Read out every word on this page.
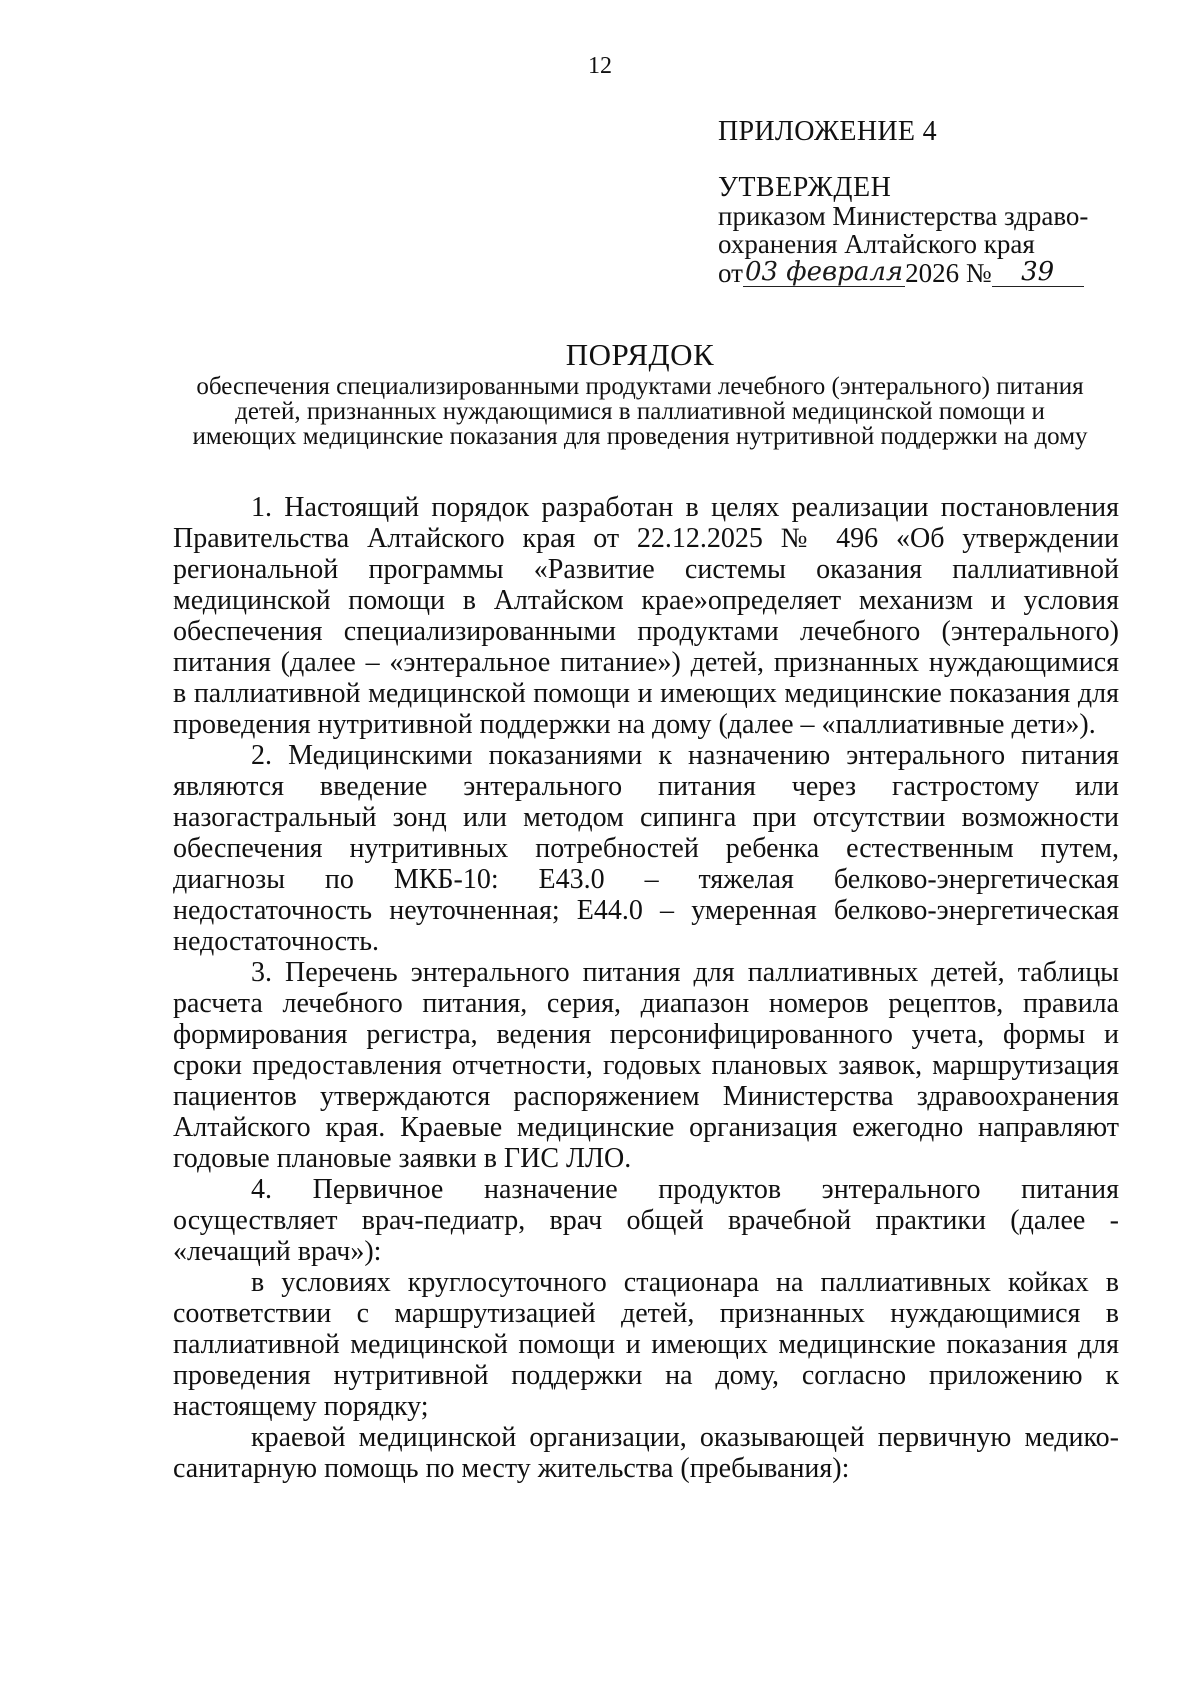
12
ПРИЛОЖЕНИЕ 4
УТВЕРЖДЕН
приказом Министерства здраво-
охранения Алтайского края
от 03 февраля 2026 №	39
ПОРЯДОК
обеспечения специализированными продуктами лечебного (энтерального) питания детей, признанных нуждающимися в паллиативной медицинской помощи и имеющих медицинские показания для проведения нутритивной поддержки на дому

1. Настоящий порядок разработан в целях реализации постановления Правительства Алтайского края от 22.12.2025 № 496 «Об утверждении региональной программы «Развитие системы оказания паллиативной медицинской помощи в Алтайском крае»определяет механизм и условия обеспечения специализированными продуктами лечебного (энтерального) питания (далее – «энтеральное питание») детей, признанных нуждающимися в паллиативной медицинской помощи и имеющих медицинские показания для проведения нутритивной поддержки на дому (далее – «паллиативные дети»).

2. Медицинскими показаниями к назначению энтерального питания являются введение энтерального питания через гастростому или назогастральный зонд или методом сипинга при отсутствии возможности обеспечения нутритивных потребностей ребенка естественным путем, диагнозы по МКБ-10: Е43.0 – тяжелая белково-энергетическая недостаточность неуточненная; Е44.0 – умеренная белково-энергетическая недостаточность.

3. Перечень энтерального питания для паллиативных детей, таблицы расчета лечебного питания, серия, диапазон номеров рецептов, правила формирования регистра, ведения персонифицированного учета, формы и сроки предоставления отчетности, годовых плановых заявок, маршрутизация пациентов утверждаются распоряжением Министерства здравоохранения Алтайского края. Краевые медицинские организация ежегодно направляют годовые плановые заявки в ГИС ЛЛО.

4. Первичное назначение продуктов энтерального питания осуществляет врач-педиатр, врач общей врачебной практики (далее - «лечащий врач»):

в условиях круглосуточного стационара на паллиативных койках в соответствии с маршрутизацией детей, признанных нуждающимися в паллиативной медицинской помощи и имеющих медицинские показания для проведения нутритивной поддержки на дому, согласно приложению к настоящему порядку;

краевой медицинской организации, оказывающей первичную медико-санитарную помощь по месту жительства (пребывания):
